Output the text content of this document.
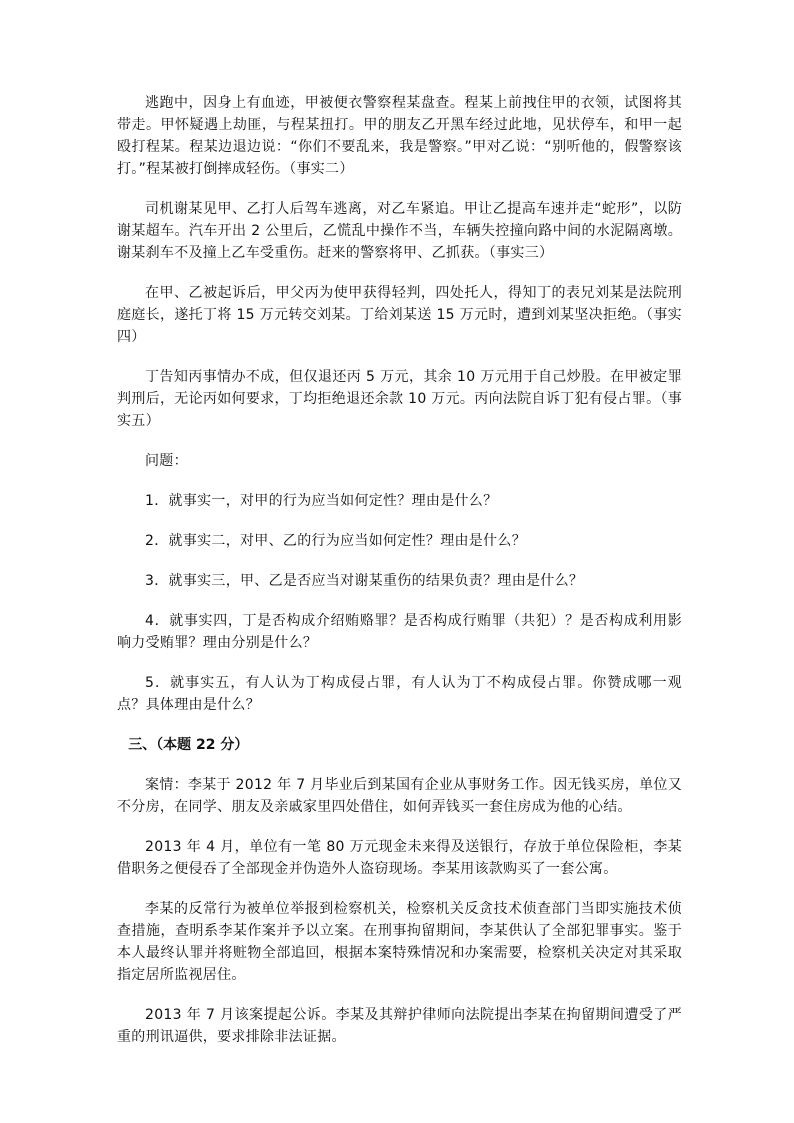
逃跑中，因身上有血迹，甲被便衣警察程某盘查。程某上前拽住甲的衣领，试图将其带走。甲怀疑遇上劫匪，与程某扭打。甲的朋友乙开黑车经过此地，见状停车，和甲一起殴打程某。程某边退边说：“你们不要乱来，我是警察。”甲对乙说：“别听他的，假警察该打。”程某被打倒摔成轻伤。（事实二）

司机谢某见甲、乙打人后驾车逃离，对乙车紧追。甲让乙提高车速并走“蛇形”，以防谢某超车。汽车开出 2 公里后，乙慌乱中操作不当，车辆失控撞向路中间的水泥隔离墩。谢某刹车不及撞上乙车受重伤。赶来的警察将甲、乙抓获。（事实三）

在甲、乙被起诉后，甲父丙为使甲获得轻判，四处托人，得知丁的表兄刘某是法院刑庭庭长，遂托丁将 15 万元转交刘某。丁给刘某送 15 万元时，遭到刘某坚决拒绝。（事实四）

丁告知丙事情办不成，但仅退还丙 5 万元，其余 10 万元用于自己炒股。在甲被定罪判刑后，无论丙如何要求，丁均拒绝退还余款 10 万元。丙向法院自诉丁犯有侵占罪。（事实五）

问题：

1．就事实一，对甲的行为应当如何定性？理由是什么？

2．就事实二，对甲、乙的行为应当如何定性？理由是什么？

3．就事实三，甲、乙是否应当对谢某重伤的结果负责？理由是什么？

4．就事实四，丁是否构成介绍贿赂罪？是否构成行贿罪（共犯）？是否构成利用影响力受贿罪？理由分别是什么？

5．就事实五，有人认为丁构成侵占罪，有人认为丁不构成侵占罪。你赞成哪一观点？具体理由是什么？

三、（本题 22 分）

案情：李某于 2012 年 7 月毕业后到某国有企业从事财务工作。因无钱买房，单位又不分房，在同学、朋友及亲戚家里四处借住，如何弄钱买一套住房成为他的心结。

2013 年 4 月，单位有一笔 80 万元现金未来得及送银行，存放于单位保险柜，李某借职务之便侵吞了全部现金并伪造外人盗窃现场。李某用该款购买了一套公寓。

李某的反常行为被单位举报到检察机关，检察机关反贪技术侦查部门当即实施技术侦查措施，查明系李某作案并予以立案。在刑事拘留期间，李某供认了全部犯罪事实。鉴于本人最终认罪并将赃物全部追回，根据本案特殊情况和办案需要，检察机关决定对其采取指定居所监视居住。

2013 年 7 月该案提起公诉。李某及其辩护律师向法院提出李某在拘留期间遭受了严重的刑讯逼供，要求排除非法证据。
